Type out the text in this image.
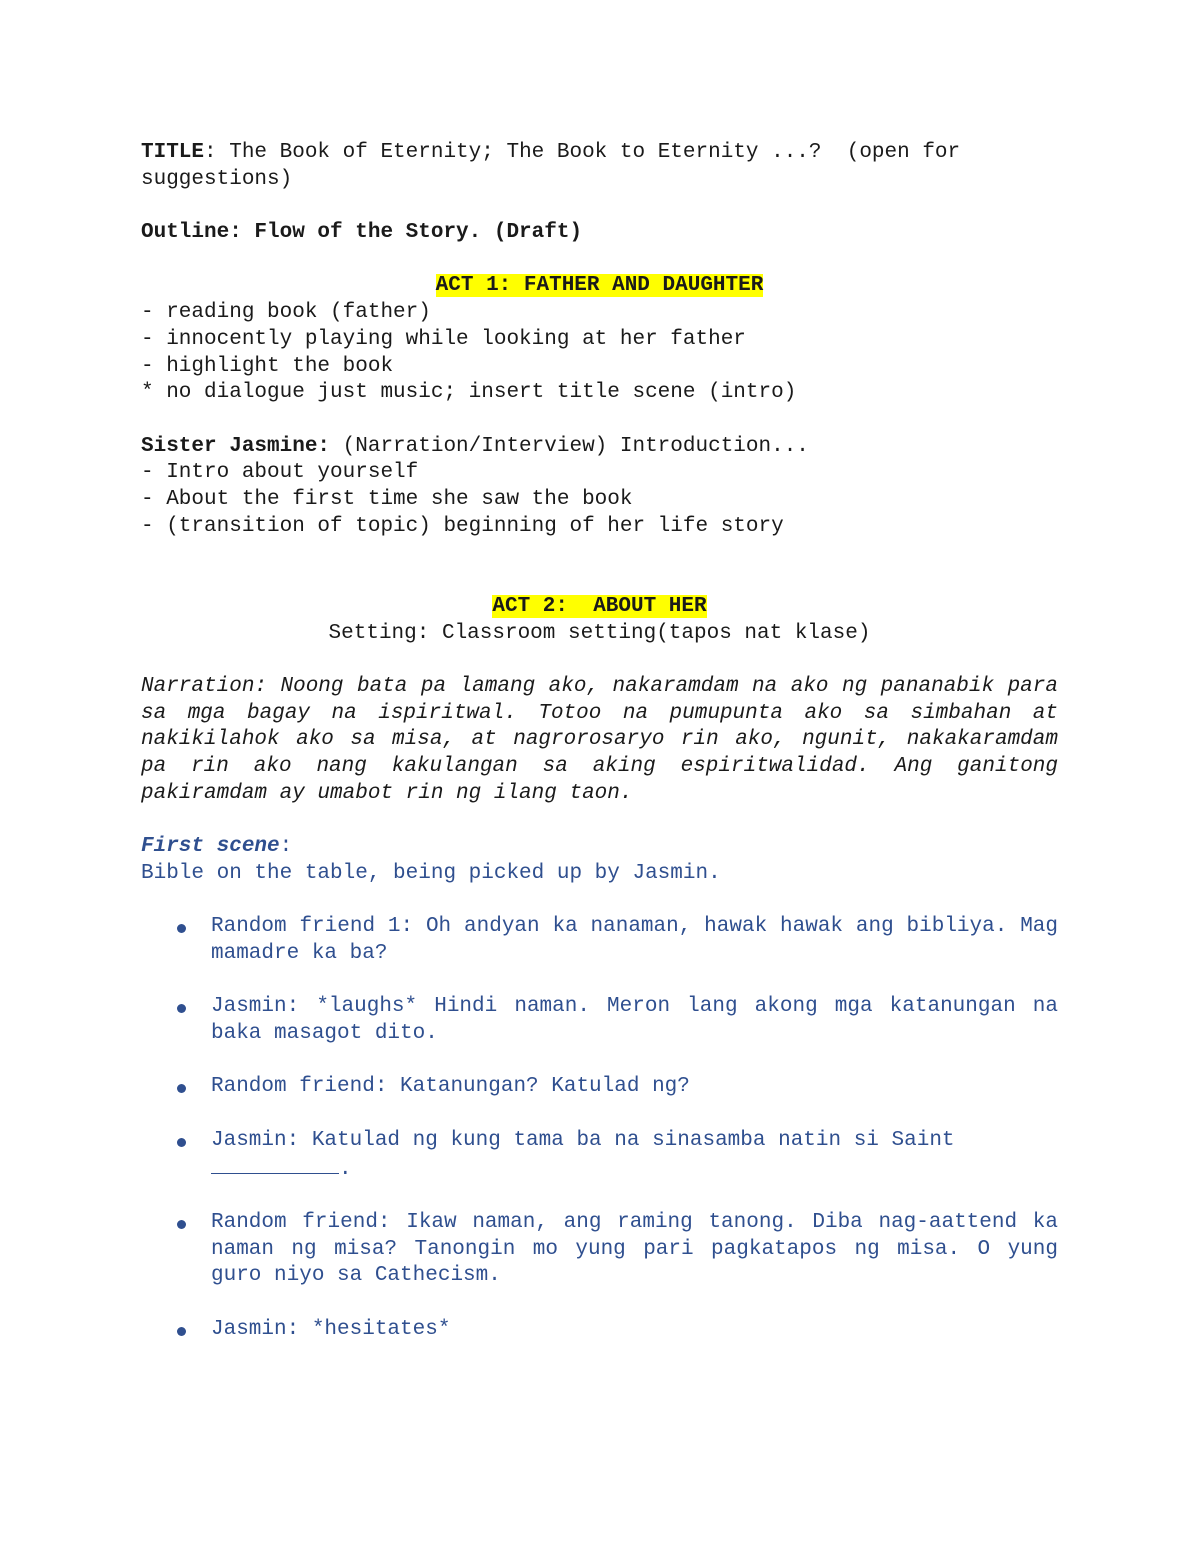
TITLE: The Book of Eternity; The Book to Eternity ...?  (open for suggestions)

Outline: Flow of the Story. (Draft)

ACT 1: FATHER AND DAUGHTER

- reading book (father)

- innocently playing while looking at her father

- highlight the book

* no dialogue just music; insert title scene (intro)

Sister Jasmine: (Narration/Interview) Introduction...

- Intro about yourself

- About the first time she saw the book

- (transition of topic) beginning of her life story

ACT 2:  ABOUT HER

Setting: Classroom setting(tapos nat klase)

Narration: Noong bata pa lamang ako, nakaramdam na ako ng pananabik para sa mga bagay na ispiritwal. Totoo na pumupunta ako sa simbahan at nakikilahok ako sa misa, at nagrorosaryo rin ako, ngunit, nakakaramdam pa rin ako nang kakulangan sa aking espiritwalidad. Ang ganitong pakiramdam ay umabot rin ng ilang taon.

First scene:

Bible on the table, being picked up by Jasmin.

Random friend 1: Oh andyan ka nanaman, hawak hawak ang bibliya. Mag mamadre ka ba?
Jasmin: *laughs* Hindi naman. Meron lang akong mga katanungan na baka masagot dito.
Random friend: Katanungan? Katulad ng?
Jasmin: Katulad ng kung tama ba na sinasamba natin si Saint
.
Random friend: Ikaw naman, ang raming tanong. Diba nag-aattend ka naman ng misa? Tanongin mo yung pari pagkatapos ng misa. O yung guro niyo sa Cathecism.
Jasmin: *hesitates*
